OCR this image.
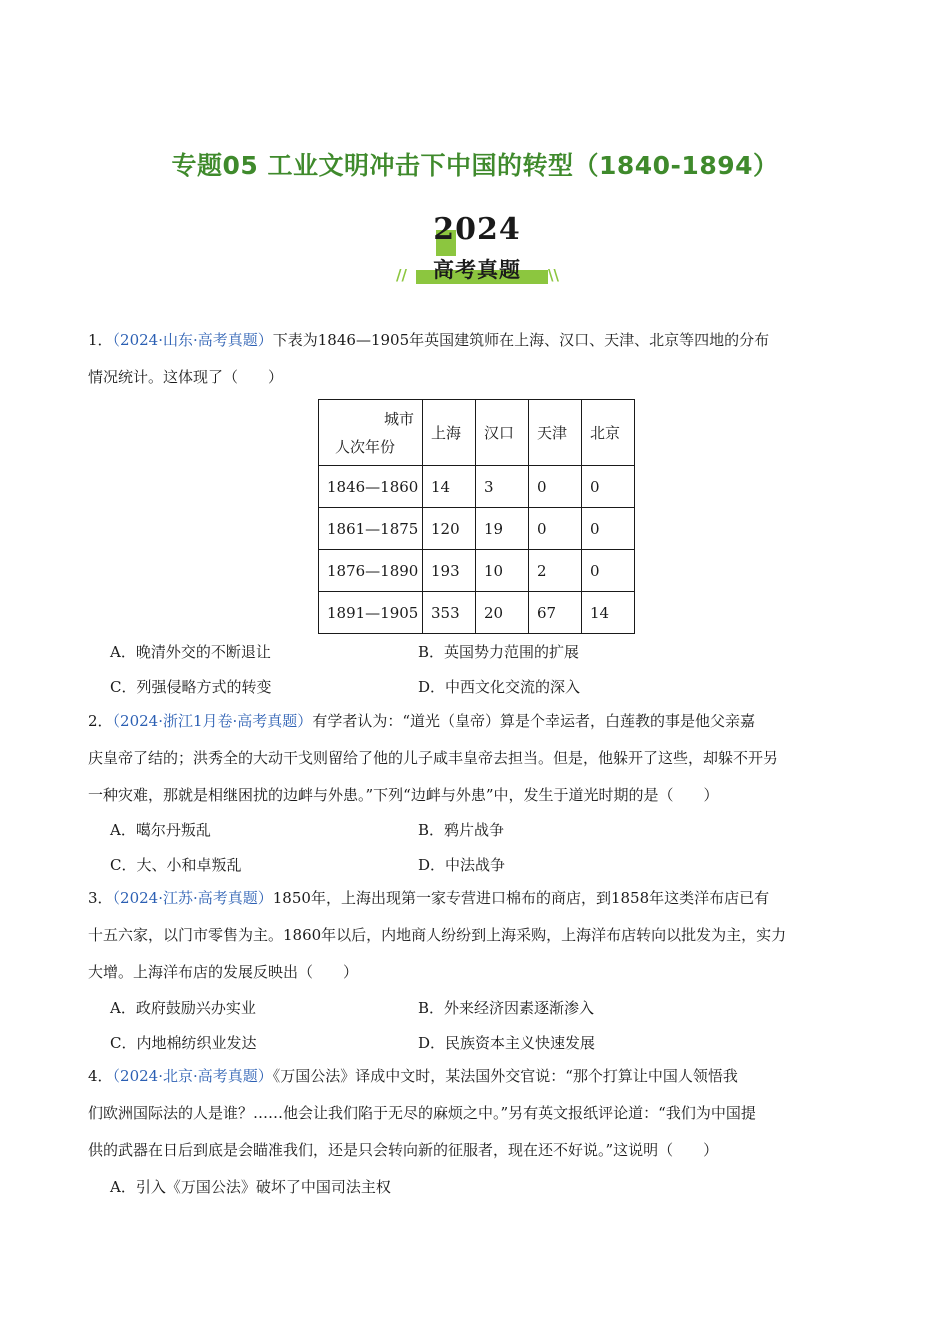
专题05 工业文明冲击下中国的转型（1840-1894）
2024
高考真题
//	\\
1．（2024·山东·高考真题）下表为1846—1905年英国建筑师在上海、汉口、天津、北京等四地的分布
情况统计。这体现了（　　）
城市
人次年份	上海	汉口	天津	北京
1846—1860	14	3	0	0
1861—1875	120	19	0	0
1876—1890	193	10	2	0
1891—1905	353	20	67	14
A．晚清外交的不断退让	B．英国势力范围的扩展
C．列强侵略方式的转变	D．中西文化交流的深入
2．（2024·浙江1月卷·高考真题）有学者认为：“道光（皇帝）算是个幸运者，白莲教的事是他父亲嘉
庆皇帝了结的；洪秀全的大动干戈则留给了他的儿子咸丰皇帝去担当。但是，他躲开了这些，却躲不开另
一种灾难，那就是相继困扰的边衅与外患。”下列“边衅与外患”中，发生于道光时期的是（　　）
A．噶尔丹叛乱	B．鸦片战争
C．大、小和卓叛乱	D．中法战争
3．（2024·江苏·高考真题）1850年，上海出现第一家专营进口棉布的商店，到1858年这类洋布店已有
十五六家，以门市零售为主。1860年以后，内地商人纷纷到上海采购，上海洋布店转向以批发为主，实力
大增。上海洋布店的发展反映出（　　）
A．政府鼓励兴办实业	B．外来经济因素逐渐渗入
C．内地棉纺织业发达	D．民族资本主义快速发展
4．（2024·北京·高考真题）《万国公法》译成中文时，某法国外交官说：“那个打算让中国人领悟我
们欧洲国际法的人是谁？……他会让我们陷于无尽的麻烦之中。”另有英文报纸评论道：“我们为中国提
供的武器在日后到底是会瞄准我们，还是只会转向新的征服者，现在还不好说。”这说明（　　）
A．引入《万国公法》破坏了中国司法主权
